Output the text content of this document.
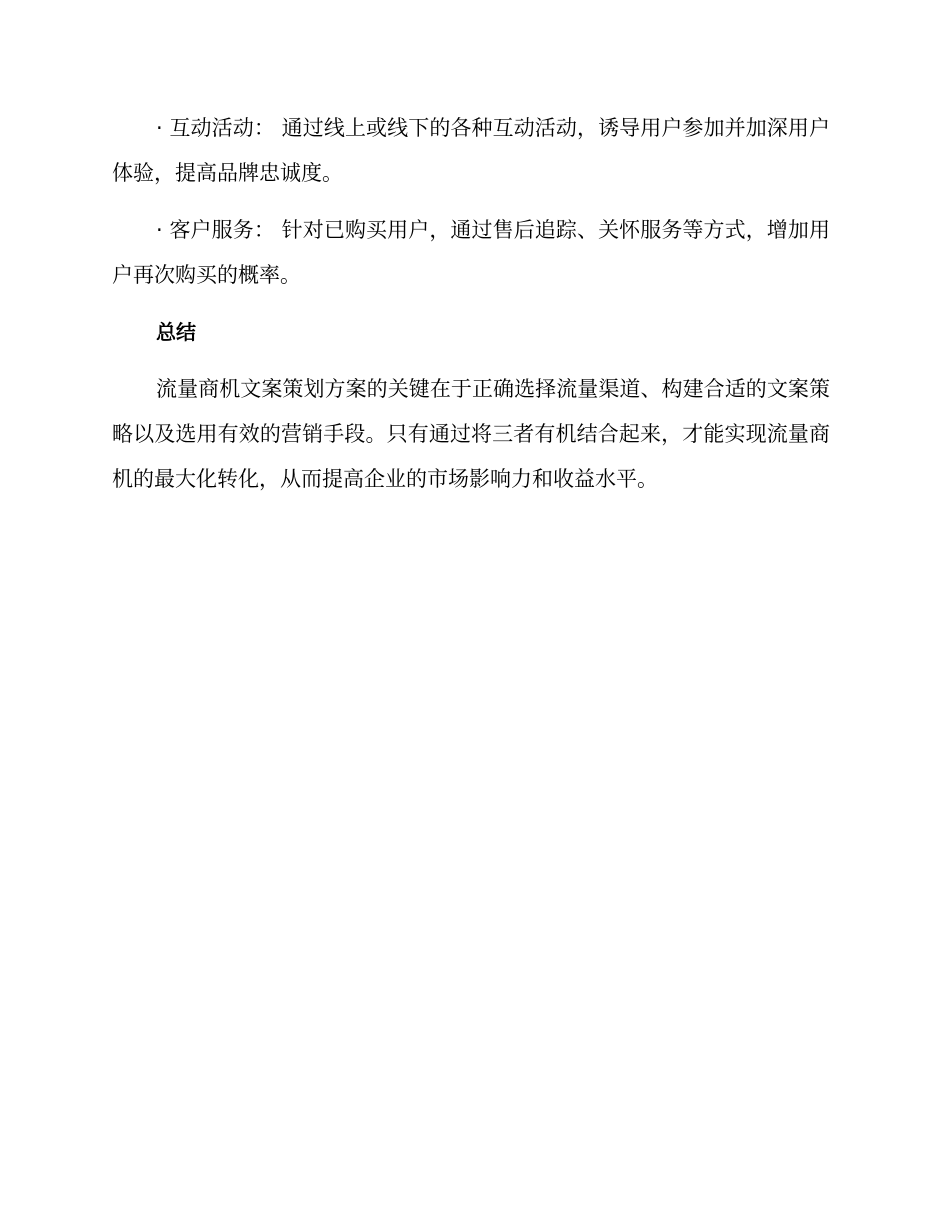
· 互动活动： 通过线上或线下的各种互动活动，诱导用户参加并加深用户体验，提高品牌忠诚度。

· 客户服务： 针对已购买用户，通过售后追踪、关怀服务等方式，增加用户再次购买的概率。

总结

流量商机文案策划方案的关键在于正确选择流量渠道、构建合适的文案策略以及选用有效的营销手段。只有通过将三者有机结合起来，才能实现流量商机的最大化转化，从而提高企业的市场影响力和收益水平。
